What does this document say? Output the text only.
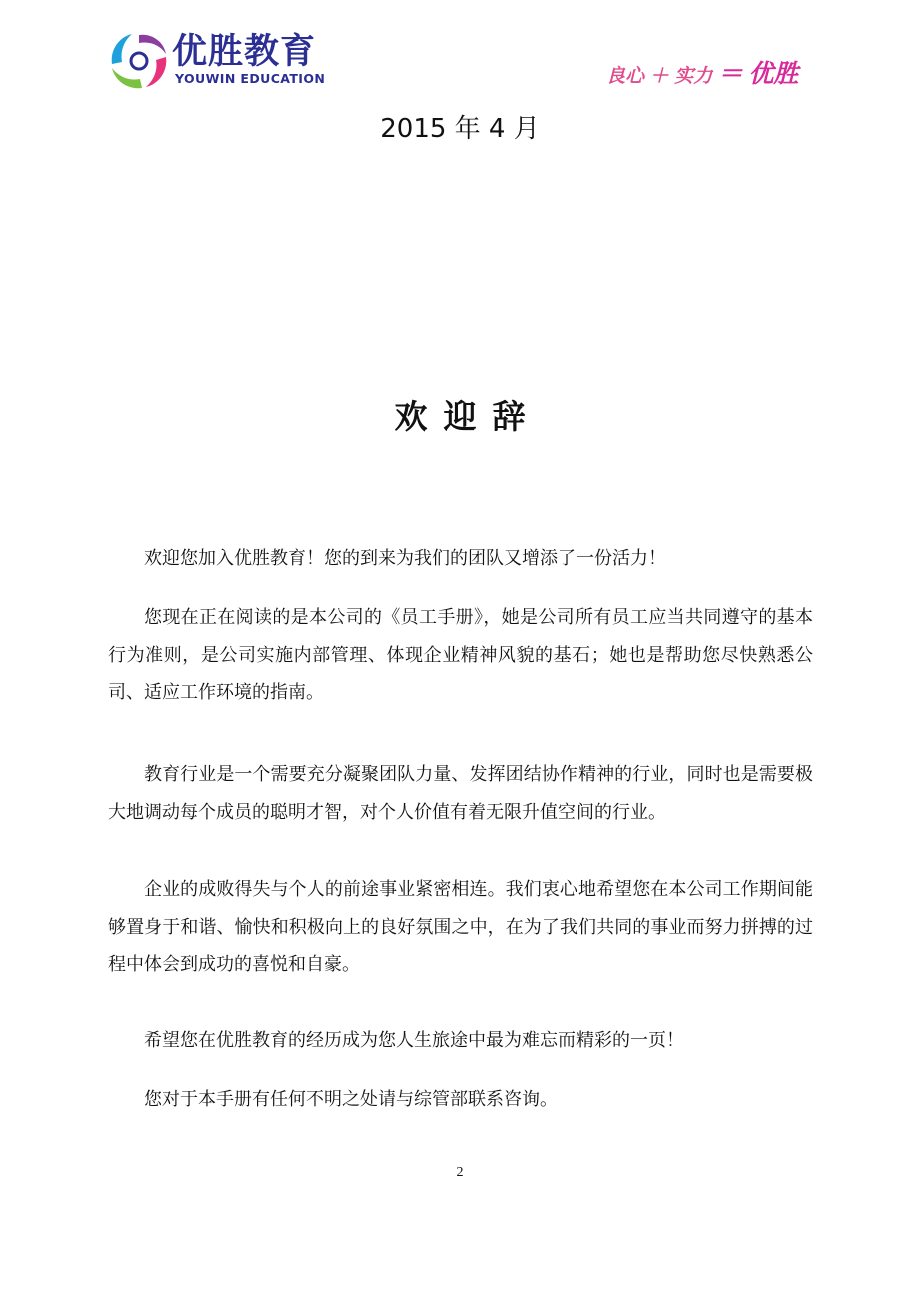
优胜教育
YOUWIN EDUCATION	良心 ＋ 实力 ＝ 优胜
2015 年 4 月
欢迎辞

欢迎您加入优胜教育！您的到来为我们的团队又增添了一份活力！

您现在正在阅读的是本公司的《员工手册》，她是公司所有员工应当共同遵守的基本行为准则，是公司实施内部管理、体现企业精神风貌的基石；她也是帮助您尽快熟悉公司、适应工作环境的指南。

教育行业是一个需要充分凝聚团队力量、发挥团结协作精神的行业，同时也是需要极大地调动每个成员的聪明才智，对个人价值有着无限升值空间的行业。

企业的成败得失与个人的前途事业紧密相连。我们衷心地希望您在本公司工作期间能够置身于和谐、愉快和积极向上的良好氛围之中，在为了我们共同的事业而努力拼搏的过程中体会到成功的喜悦和自豪。

希望您在优胜教育的经历成为您人生旅途中最为难忘而精彩的一页！

您对于本手册有任何不明之处请与综管部联系咨询。

2
